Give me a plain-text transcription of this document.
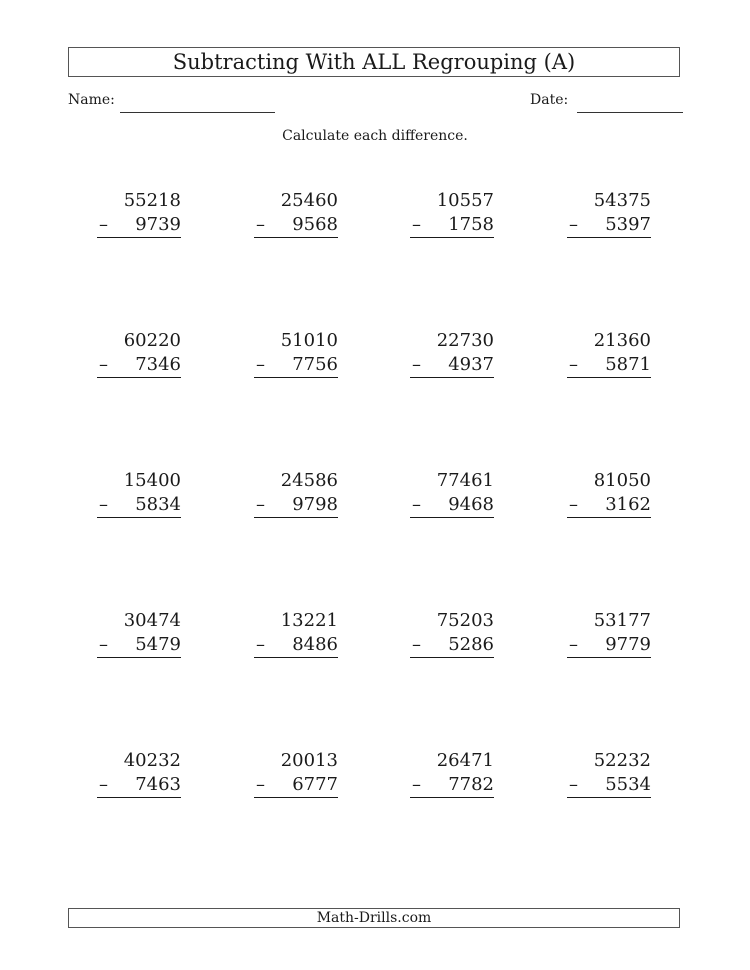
Subtracting With ALL Regrouping (A)
Name:	Date:
Calculate each difference.
55218
– 9739
25460
– 9568
10557
– 1758
54375
– 5397
60220
– 7346
51010
– 7756
22730
– 4937
21360
– 5871
15400
– 5834
24586
– 9798
77461
– 9468
81050
– 3162
30474
– 5479
13221
– 8486
75203
– 5286
53177
– 9779
40232
– 7463
20013
– 6777
26471
– 7782
52232
– 5534
Math-Drills.com
